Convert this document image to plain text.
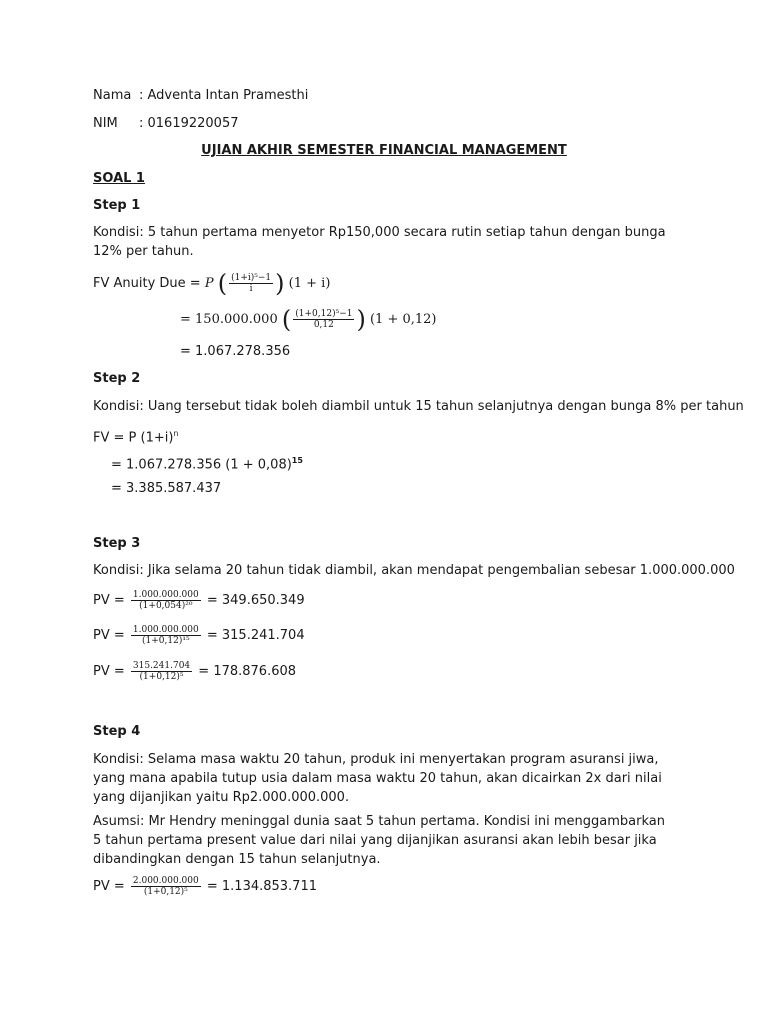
Nama : Adventa Intan Pramesthi
NIM : 01619220057
UJIAN AKHIR SEMESTER FINANCIAL MANAGEMENT
SOAL 1
Step 1
Kondisi: 5 tahun pertama menyetor Rp150,000 secara rutin setiap tahun dengan bunga 12% per tahun.
FV Anuity Due = P ( $\frac{\text{(1+i)⁵−1}}{i}$ ) (1 + i)
= 150.000.000 ( $\frac{\text{(1+0,12)⁵−1}}{0,12}$ ) (1 + 0,12)
= 1.067.278.356
Step 2
Kondisi: Uang tersebut tidak boleh diambil untuk 15 tahun selanjutnya dengan bunga 8% per tahun
FV = P $(1+i)^n$
= 1.067.278.356 $(1 + 0,08)^{15}$
= 3.385.587.437
Step 3
Kondisi: Jika selama 20 tahun tidak diambil, akan mendapat pengembalian sebesar 1.000.000.000
PV = $\frac{1.000.000.000}{\text{(1+0,054)²⁰}} = 349.650.349$
PV = $\frac{1.000.000.000}{\text{(1+0,12)¹⁵}} = 315.241.704$
PV = $\frac{315.241.704}{\text{(1+0,12)⁵}} = 178.876.608$
Step 4
Kondisi: Selama masa waktu 20 tahun, produk ini menyertakan program asuransi jiwa, yang mana apabila tutup usia dalam masa waktu 20 tahun, akan dicairkan 2x dari nilai yang dijanjikan yaitu Rp2.000.000.000.
Asumsi: Mr Hendry meninggal dunia saat 5 tahun pertama. Kondisi ini menggambarkan 5 tahun pertama present value dari nilai yang dijanjikan asuransi akan lebih besar jika dibandingkan dengan 15 tahun selanjutnya.
PV = $\frac{2.000.000.000}{\text{(1+0,12)⁵}} = 1.134.853.711$
